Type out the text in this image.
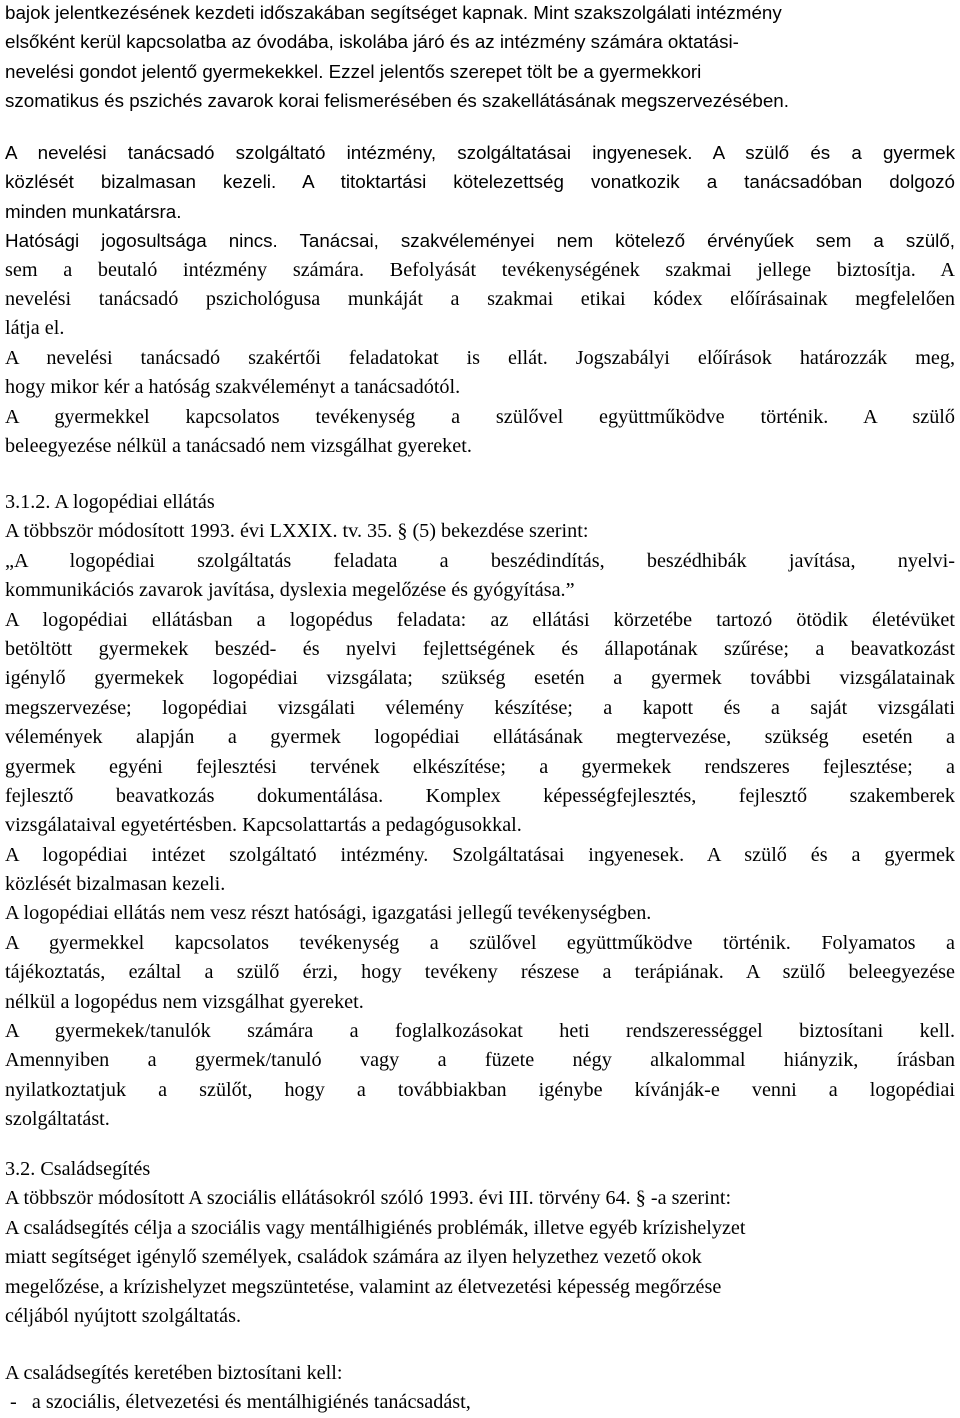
bajok jelentkezésének kezdeti időszakában segítséget kapnak. Mint szakszolgálati intézmény
elsőként kerül kapcsolatba az óvodába, iskolába járó és az intézmény számára oktatási-
nevelési gondot jelentő gyermekekkel. Ezzel jelentős szerepet tölt be a gyermekkori
szomatikus és pszichés zavarok korai felismerésében és szakellátásának megszervezésében.
A nevelési tanácsadó szolgáltató intézmény, szolgáltatásai ingyenesek. A szülő és a gyermek
közlését bizalmasan kezeli. A titoktartási kötelezettség vonatkozik a tanácsadóban dolgozó
minden munkatársra.
Hatósági jogosultsága nincs. Tanácsai, szakvéleményei nem kötelező érvényűek sem a szülő,
sem a beutaló intézmény számára. Befolyását tevékenységének szakmai jellege biztosítja. A
nevelési tanácsadó pszichológusa munkáját a szakmai etikai kódex előírásainak megfelelően
látja el.
A nevelési tanácsadó szakértői feladatokat is ellát. Jogszabályi előírások határozzák meg,
hogy mikor kér a hatóság szakvéleményt a tanácsadótól.
A gyermekkel kapcsolatos tevékenység a szülővel együttműködve történik. A szülő
beleegyezése nélkül a tanácsadó nem vizsgálhat gyereket.
3.1.2. A logopédiai ellátás
A többször módosított 1993. évi LXXIX. tv. 35. § (5) bekezdése szerint:
„A logopédiai szolgáltatás feladata a beszédindítás, beszédhibák javítása, nyelvi-
kommunikációs zavarok javítása, dyslexia megelőzése és gyógyítása.”
A logopédiai ellátásban a logopédus feladata: az ellátási körzetébe tartozó ötödik életévüket
betöltött gyermekek beszéd- és nyelvi fejlettségének és állapotának szűrése; a beavatkozást
igénylő gyermekek logopédiai vizsgálata; szükség esetén a gyermek további vizsgálatainak
megszervezése; logopédiai vizsgálati vélemény készítése; a kapott és a saját vizsgálati
vélemények alapján a gyermek logopédiai ellátásának megtervezése, szükség esetén a
gyermek egyéni fejlesztési tervének elkészítése; a gyermekek rendszeres fejlesztése; a
fejlesztő beavatkozás dokumentálása. Komplex képességfejlesztés, fejlesztő szakemberek
vizsgálataival egyetértésben. Kapcsolattartás a pedagógusokkal.
A logopédiai intézet szolgáltató intézmény. Szolgáltatásai ingyenesek. A szülő és a gyermek
közlését bizalmasan kezeli.
A logopédiai ellátás nem vesz részt hatósági, igazgatási jellegű tevékenységben.
A gyermekkel kapcsolatos tevékenység a szülővel együttműködve történik. Folyamatos a
tájékoztatás, ezáltal a szülő érzi, hogy tevékeny részese a terápiának. A szülő beleegyezése
nélkül a logopédus nem vizsgálhat gyereket.
A gyermekek/tanulók számára a foglalkozásokat heti rendszerességgel biztosítani kell.
Amennyiben a gyermek/tanuló vagy a füzete négy alkalommal hiányzik, írásban
nyilatkoztatjuk a szülőt, hogy a továbbiakban igénybe kívánják-e venni a logopédiai
szolgáltatást.
3.2. Családsegítés
A többször módosított A szociális ellátásokról szóló 1993. évi III. törvény 64. § -a szerint:
A családsegítés célja a szociális vagy mentálhigiénés problémák, illetve egyéb krízishelyzet
miatt segítséget igénylő személyek, családok számára az ilyen helyzethez vezető okok
megelőzése, a krízishelyzet megszüntetése, valamint az életvezetési képesség megőrzése
céljából nyújtott szolgáltatás.
A családsegítés keretében biztosítani kell:
-   a szociális, életvezetési és mentálhigiénés tanácsadást,
